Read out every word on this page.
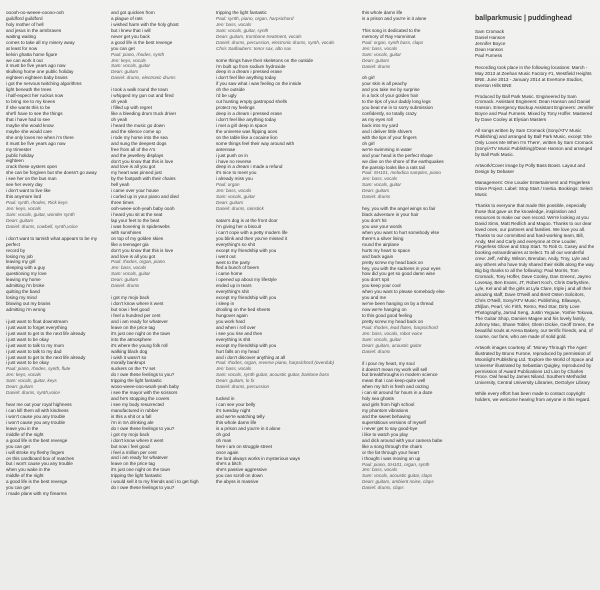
ooooh-oo-weeee-ooooo-ooh
guildford guildford
holy mother of hell
and jesus in the armbraves
waiting waiting
comes to take all my misery away
at least for now
kelvin ghatta home figure
we can work it out
it must be five years ago now
skulking home one public holiday
eighteen eighteen baby brains
i got the nervous twitching algorithms
light beneath the trees
i half-expect her ruckus now
to bring me to my knees
if she wants this to be
she'll have to see the things
that i have had to see
maybe she would know
maybe she would care
she only loves me when i'm there
it must be five years ago now
my trimester
public holiday
eighteen
crack these oysters open
she can be forgiven but she doesn't go away
i see her on the bus man
see her every day
i don't want to live like
this anymore lord
Paul: synth, rhodes, Rick keys
Jen: keys, vocals
Sam: vocals, guitar, wonder synth
Dean: guitars
Daniel: drums, cowbell, synth,voice
i don't want to tarnish what appears to be my
perfect
record by
losing my job
leaving my girl
sleeping with a guy
questioning my love
leaving my home
admitting i'm broke
quitting the band
losing my mind
blowing out my brains
admitting i'm wrong
i just want to float downstream
i just want to forget everything
i just want to get to the next life already
i just want to be okay
i just want to talk to my mum
i just want to talk to my dad
i just want to get to the next life already
i just want to be okay
Paul: piano, rhodes, synth, flute
Jen: keys, vocals
Sam: vocals, guitar, keys
Dean: guitars
Daniel: drums, synth,voice
hear me out your royal highness
i can kill them all with kindness
i won't cause you any trouble
i won't cause you any trouble
leave you in the
middle of the night
a good life is the best revenge
you can get
i will stroke my fleshy fingers
on this cardboard box of matches
but i won't cause you any trouble
when you wake in the
middle of the night
a good life is the best revenge
you can get
i made plans with my firearms
and got quickies from
a plague of rats
i wished harm with the holy ghost
but i knew that i will
never get you back
a good life is the best revenge
you can get
Paul: piano, rhodes, synth
Jen: keys, vocals
Sam: vocals, guitar
Dean: guitars
Daniel: drums, electronic drums
i took a walk round the town
i whipped my gun out and fired
oh yeah
i filled up with regret
like a bleeding drum truck driver
oh yeah
i heard the music go down
and the silence come up
i rode my horse into the sea
and sung the deepest dogs
free from all of the A's
and the jewellery displays
don't you know that this is love
and love is all you got
my heart was pinned just
by the footpath with their chains
hell yeah
i came over your house
i curled up in your piano and died
three times
ooh-weee-ooh-yeah baby oooh
i heard you sit at the seat
lap your feet to the beat
i was hovering in spiderwebs
with sunshines
on top of my golden skies
like a teenager gia
don't you know that this is love
and love is all you got
Paul: rhodes, organ, piano
Jen: bass, vocals
Sam: vocals, guitar
Dean: guitars
Daniel: drums
i got my mojo back
i don't know where it went
but now i feel good
i feel a hundred per cent
and i am ready for whatever
leave on the price tag
it's just one night on the town
into the atmosphere
it's where the young folk roll
walking black dog
i wish it wasn't so
morally bankrupt
suckers on the TV set
do I owe these feelings to you?
tripping the light fantastic
wooo-weee-ooo-woah-yeah baby
i see the mayor with the scissors
and he's stopping the covers
i see my body resurrected
manufactured in rubber
is this a shit or a fall
i'm in SA drinking ale
do I owe these feelings to you?
i got my mojo back
i don't know where it went
but now i feel good
i feel a million per cent
and i am ready for whatever
leave on the price tag
it's just one night on the town
tripping the light fantastic
i would sell it to my friends and i to get high
do I owe these feelings to you?
tripping the light fantastic
Paul: synth, piano, organ, harpsichord
Jen: bass, vocals
Sam: vocals, guitar, synth
Dean: guitars, trombone treatment, vocals
Daniel: drums, percussion, electronic drums, synth, vocals
Chris Sadlaubers: tenor sax, alto sax
some things have their skeletons on the outside
i'm built up from sodium hydroxide
deep in a dream i pressed erase
i don't feel like anything today
if you saw what i was feeling on the inside
oh the outside
i'd be ugly
cut hunting empty gastropod shells
protect my feelings
deep in a dream i pressed erase
i don't feel like anything today
i met a girl deep in space
the universe was flipping aces
on the table like a cocaine lion
some things feel their way around with
antennae
i just push on in
i have no reverse
deep in a dream i made a refund
it's nice to meet you
i already miss you
Paul: organ
Jen: bass, vocals
Sam: vocals, guitar
Dean: guitars
Daniel: drums, rainstick
satan's dog is at the front door
i'm giving her a biscuit
i can't cope with a petty modern life
you blink and then you've missed it
everything's so shit
except my friendship with you
i went out
went to the party
fled a bunch of beers
i came home
i opened up about my lifestyle
ended up in tears
everything's shit
except my friendship with you
i sleep in
drooling on the bed sheets
hungover again
you work hard
and when i roll over
i see you rise and then
everything is shit
except my friendship with you
hurt falls on my head
and i don't discover anything at all
Paul: rhodes, organ, reverse piano, harpsichord (overdub)
Jen: bass, vocals
Sam: vocals, synth guitar, acoustic guitar, baritone bass
Dean: guitars, lo fx
Daniel: drums, percussion
tucked in
i can see your belly
it's tuesday night
and we're watching telly
this whole damn life
is a prison and you're in it alone
oh god
oh man
here i am on struggle street
once again
the lord always works in mysterious ways
she's a bitch
she's passive aggressive
you can scroll on down
the abyss is massive
this whole damn life
is a prison and you're in it alone
This song is dedicated to the
memory of Ray Humnimat
Paul: organ, synth bass, claps
Jen: bass, vocals
Sam: vocals, guitar
Dean: guitars
Daniel: drums
oh girl
your skin is all peachy
and you take me by surprise
in a lock of your golden hair
to the tips of your daddy long legs
you beat me in to sorry submission
confidently, so totally crazy
as my eyes roll
back into my yard
and i deliver little shivers
with the tips of your fingers
oh girl
we're swimming in water
and your head is the perfect shape
we dive on the shore of the earthquakes
the parsnip looks like a rats tail
Paul: SH101, melodica samples, piano
Jen: bass, vocals
Sam: vocals, guitar
Dean: guitars
Daniel: drums
hey, you with the angel wings so fair
black adventure in your hair
you don't hit
you use your words
when you want to hurt somebody else
there's a silver lining
round the airplane
hurts my heart to space
and back again
pretty screw my head back on
hey, you with the sadness in your eyes
how did you get so good damn wise
you don't spit
you keep your cool
when you want to please somebody else
you and me
we've been hanging on by a thread
now we're hanging on
to this good good feeling
pretty screw my head back on
Paul: rhodes, lead flutes, harpsichord
Jen: bass, vocals, robot voice
Sam: vocals, guitar
Dean: guitars, acoustic guitar
Daniel: drums
if i pour my heart, my soul
it doesn't mean my work will sell
but breakthroughs in modern science
mean that i can keep-quite well
when my itch is fresh and oozing
i can sit around for hours in a daze
holy sea ghosts
and girls from high school
my phantom vibrations
and the sweet behaving
superstitious versions of myself
i never get to say good-bye
i like to watch you play
and dick around with your camera babe
like a song through the chairs
or the fat through your heart
i thought i was moving on up
Paul: piano, SH101, organ, synth
Jen: bass, vocals
Sam: vocals, acoustic guitar, claps
Dean: guitars, ambient noise, claps
Daniel: drums, claps
ballparkmusic | puddinghead
Sam Cromack
Daniel Hanson
Jennifer Boyce
Dean Hanson
Paul Furness
Recording took place in the following locations: March - May 2013 at Zeehan Music Factory #1, Westfield Heights BNE. June 2013 - January 2014 at Evertone Studios, Everton Hills BNE
Produced by Ball Park Music. Engineered by Sam Cromack. Assistant Engineers: Dean Hanson and Daniel Hanson. Emergency Backup Assistant Engineers: Jennifer Boyce and Paul Furness. Mixed by Tony Hoffer. Mastered by Dave Cooley at Elysian Masters
All songs written by Sam Cromack (Sony/ATV Music Publishing) and arranged by Ball Park Music, except 'She Only Loves Me When I'm There', written by Sam Cromack (Sony/ATV Music Publishing)/Dean Hanson and arranged by Ball Park Music.
Artwork/Cover image by Polly Bass Boost. Layout and Design by Debaser
Management: One Louder Entertainment and Fingerless Glove Project. Label: Stop Start / Inertia. Bookings: Select Music
Thanks to everyone that made this possible, especially those that gave us the knowledge, inspiration and resources to make our own record. We're looking at you David Sims, Matt Redlich and Magoo. Thanks to our dear loved ones, our partners and families. We love you all. Thanks to our committed and hard-working team, Bill, Andy, Mel and Carly and everyone at One Louder, Fingerless Glove and Stop Start. To Rob G. Casey and the booking extraordinaires at Select. To all our wonderful crew: Jeff, Ashby, Wilson, Brendan, Andy, Troy, Lyle and any others who have truly shared their skills along the way. Big big thanks to all the following: Paul Morris, Tom Cromack, Tony Hoffer, Dave Cooley, Dan Greenz, Jaymo Lovesay, Ben Evans, JT, Robert Koch, Chris Darbyshire, Lyle, Kel and all the girls at Lyla Clare, triple j and all their amazing staff, Dave O'Neill and Brett Osten Solicitors, Chris O'Neill, Sony/ATV Music Publishing, Ellaways, Zhljlan, Pearl, Vic Firth, Remo, Red Star, Dirty Love Photography, Jarrad Seng, Justin Yeguae, Yoshie Tokuwa, The Guitar Shop, Damien Magee and his lovely family, Johnny Mac, Shane Tobler, Glenn Dickie, Geoff Green, the beautiful souls at Arena Bakery, our terrific friends, and, of course, our fans, who are made of solid gold.
Artwork images courtesy of: 'Money Through The Ages' illustrated by Bruno Furone, reproduced by permission of Moonlight Publishing Ltd. 'Explore the World of Space and Universe' illustrated by Sebastian Quigley, reproduced by permission of Award Publications Ltd Lion by Charles Froce. Owl head by James Niland. Southern Methodist University, Central University Libraries, DeGolyer Library
While every effort has been made to contact copyright holders, we welcome hearing from anyone in this regard.
